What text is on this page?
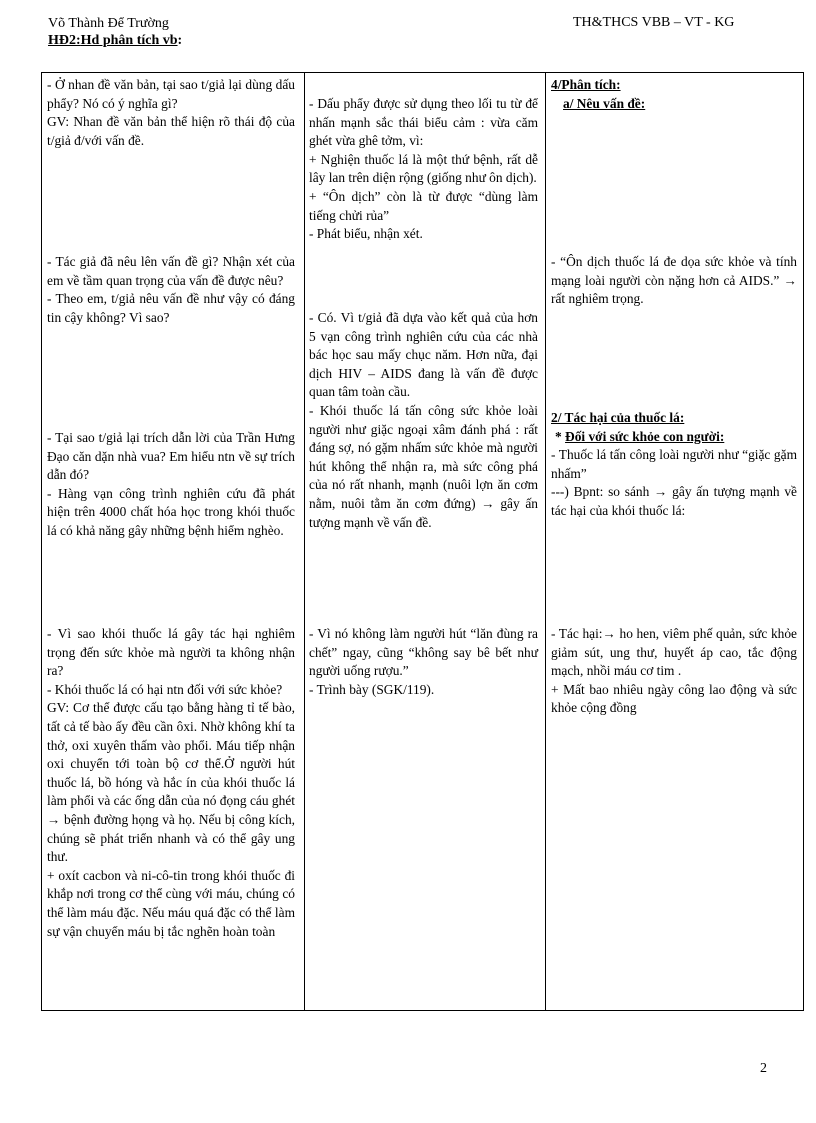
Võ Thành Để Trường	TH&THCS VBB – VT - KG
HĐ2:Hd phân tích vb:

- Ở nhan đề văn bản, tại sao t/giả lại dùng dấu phẩy? Nó có ý nghĩa gì?

GV: Nhan đề văn bản thể hiện rõ thái độ của t/giả đ/với vấn đề.

- Tác giả đã nêu lên vấn đề gì? Nhận xét của em về tầm quan trọng của vấn đề được nêu?

- Theo em, t/giả nêu vấn đề như vậy có đáng tin cậy không? Vì sao?

- Tại sao t/giả lại trích dẫn lời của Trần Hưng Đạo căn dặn nhà vua? Em hiểu ntn về sự trích dẫn đó?

- Hàng vạn công trình nghiên cứu đã phát hiện trên 4000 chất hóa học trong khói thuốc lá có khả năng gây những bệnh hiểm nghèo.

- Vì sao khói thuốc lá gây tác hại nghiêm trọng đến sức khỏe mà người ta không nhận ra?

- Khói thuốc lá có hại ntn đối với sức khỏe?

GV: Cơ thể được cấu tạo bằng hàng tỉ tế bào, tất cả tế bào ấy đều cần ôxi. Nhờ không khí ta thở, oxi xuyên thấm vào phổi. Máu tiếp nhận oxi chuyển tới toàn bộ cơ thể.Ở người hút thuốc lá, bồ hóng và hắc ín của khói thuốc lá làm phổi và các ống dẫn của nó đọng cáu ghét → bệnh đường họng và họ. Nếu bị công kích, chúng sẽ phát triển nhanh và có thể gây ung thư.

+ oxít cacbon và ni-cô-tin trong khói thuốc đi khắp nơi trong cơ thể cùng với máu, chúng có thể làm máu đặc. Nếu máu quá đặc có thể làm sự vận chuyển máu bị tắc nghẽn hoàn toàn

- Dấu phẩy được sử dụng theo lối tu từ để nhấn mạnh sắc thái biểu cảm : vừa căm ghét vừa ghê tởm, vì:

+ Nghiện thuốc lá là một thứ bệnh, rất dễ lây lan trên diện rộng (giống như ôn dịch).

+ “Ôn dịch” còn là từ được “dùng làm tiếng chửi rủa”

- Phát biểu, nhận xét.

- Có. Vì t/giả đã dựa vào kết quả của hơn 5 vạn công trình nghiên cứu của các nhà bác học sau mấy chục năm. Hơn nữa, đại dịch HIV – AIDS đang là vấn đề được quan tâm toàn cầu.

- Khói thuốc lá tấn công sức khỏe loài người như giặc ngoại xâm đánh phá : rất đáng sợ, nó gặm nhấm sức khỏe mà người hút không thể nhận ra, mà sức công phá của nó rất nhanh, mạnh (nuôi lợn ăn cơm nằm, nuôi tằm ăn cơm đứng) → gây ấn tượng mạnh về vấn đề.

- Vì nó không làm người hút “lăn đùng ra chết” ngay, cũng “không say bê bết như người uống rượu.”

- Trình bày (SGK/119).

4/Phân tích:

a/ Nêu vấn đề:

- “Ôn dịch thuốc lá đe dọa sức khỏe và tính mạng loài người còn nặng hơn cả AIDS.” → rất nghiêm trọng.

2/ Tác hại của thuốc lá:

* Đối với sức khỏe con người:

- Thuốc lá tấn công loài người như “giặc gặm nhấm”

---) Bpnt: so sánh → gây ấn tượng mạnh về tác hại của khói thuốc lá:

- Tác hại:→ ho hen, viêm phế quản, sức khỏe giảm sút, ung thư, huyết áp cao, tắc động mạch, nhồi máu cơ tim .

+ Mất bao nhiêu ngày công lao động và sức khỏe cộng đồng

2
